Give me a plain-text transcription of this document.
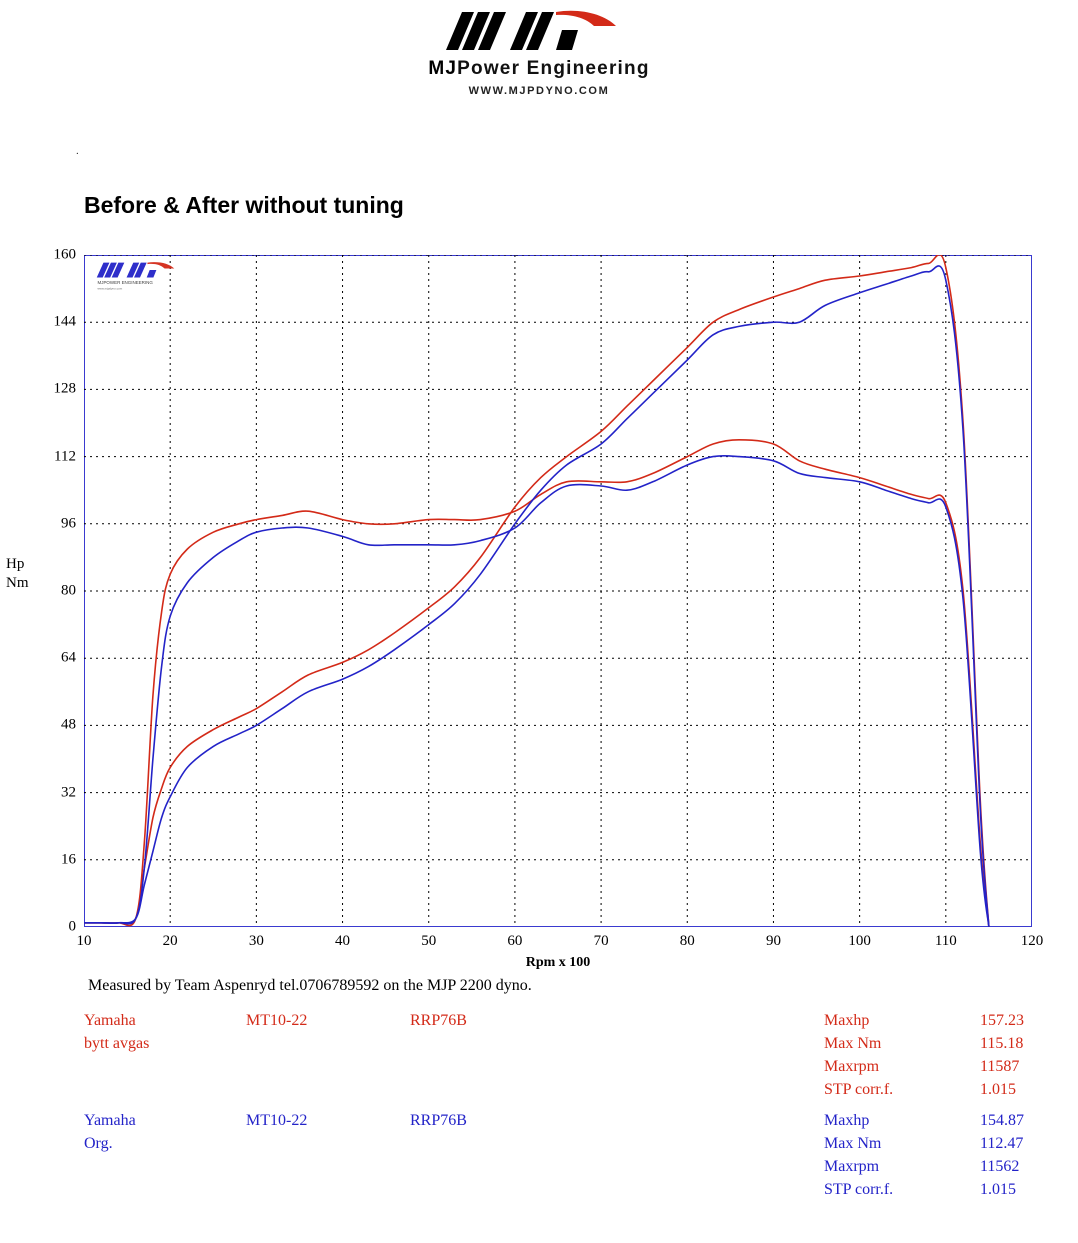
MJPower Engineering
WWW.MJPDYNO.COM
.
Before & After without tuning
MJPOWER ENGINEERING
www.mjpdyno.com
0
16
32
48
64
80
96
112
128
144
160
10	20	30	40	50	60	70	80	90	100	110	120
Rpm x 100
Hp
Nm
Measured by Team Aspenryd tel.0706789592 on the MJP 2200 dyno.
Yamaha	MT10-22	RRP76B
bytt avgas
Maxhp	157.23
Max Nm	115.18
Maxrpm	11587
STP corr.f.	1.015
Yamaha	MT10-22	RRP76B
Org.
Maxhp	154.87
Max Nm	112.47
Maxrpm	11562
STP corr.f.	1.015
